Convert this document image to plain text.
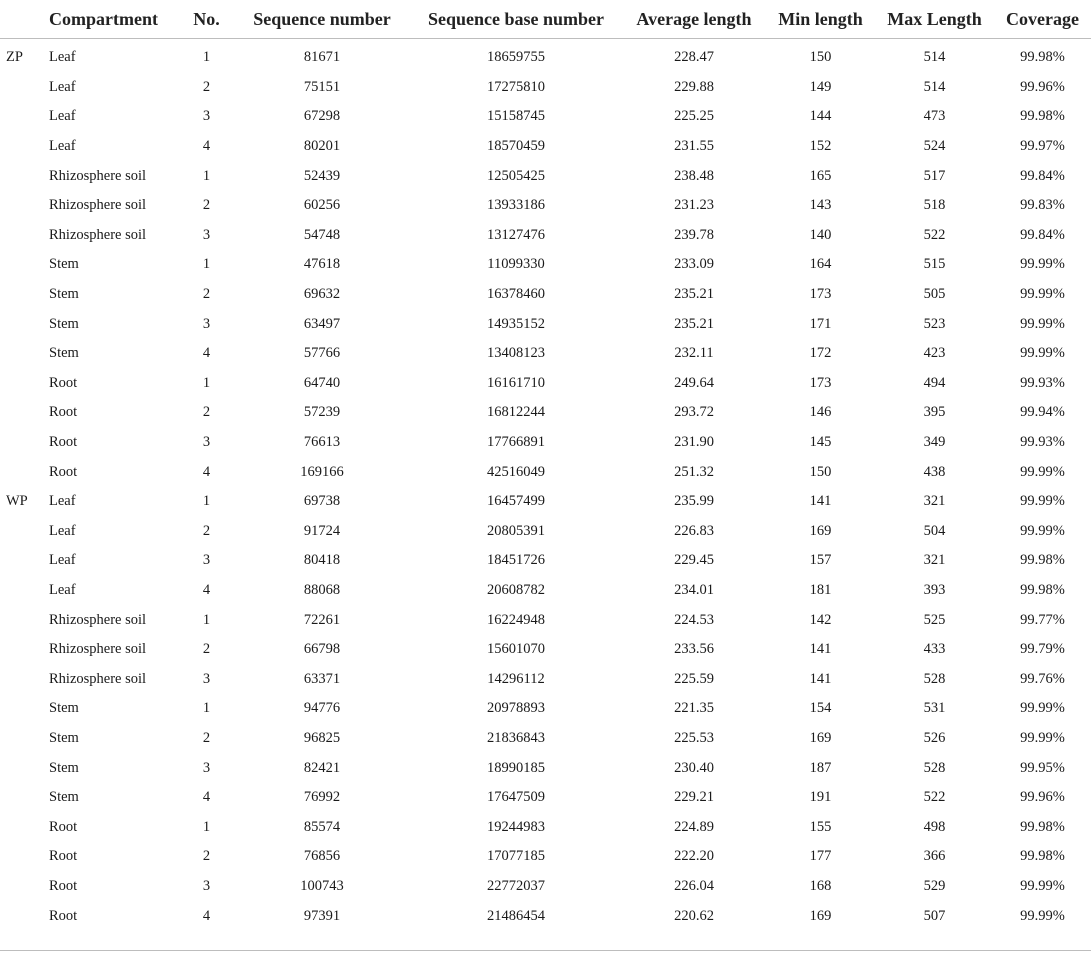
	Compartment	No.	Sequence number	Sequence base number	Average length	Min length	Max Length	Coverage
ZP	Leaf	1	81671	18659755	228.47	150	514	99.98%
	Leaf	2	75151	17275810	229.88	149	514	99.96%
	Leaf	3	67298	15158745	225.25	144	473	99.98%
	Leaf	4	80201	18570459	231.55	152	524	99.97%
	Rhizosphere soil	1	52439	12505425	238.48	165	517	99.84%
	Rhizosphere soil	2	60256	13933186	231.23	143	518	99.83%
	Rhizosphere soil	3	54748	13127476	239.78	140	522	99.84%
	Stem	1	47618	11099330	233.09	164	515	99.99%
	Stem	2	69632	16378460	235.21	173	505	99.99%
	Stem	3	63497	14935152	235.21	171	523	99.99%
	Stem	4	57766	13408123	232.11	172	423	99.99%
	Root	1	64740	16161710	249.64	173	494	99.93%
	Root	2	57239	16812244	293.72	146	395	99.94%
	Root	3	76613	17766891	231.90	145	349	99.93%
	Root	4	169166	42516049	251.32	150	438	99.99%
WP	Leaf	1	69738	16457499	235.99	141	321	99.99%
	Leaf	2	91724	20805391	226.83	169	504	99.99%
	Leaf	3	80418	18451726	229.45	157	321	99.98%
	Leaf	4	88068	20608782	234.01	181	393	99.98%
	Rhizosphere soil	1	72261	16224948	224.53	142	525	99.77%
	Rhizosphere soil	2	66798	15601070	233.56	141	433	99.79%
	Rhizosphere soil	3	63371	14296112	225.59	141	528	99.76%
	Stem	1	94776	20978893	221.35	154	531	99.99%
	Stem	2	96825	21836843	225.53	169	526	99.99%
	Stem	3	82421	18990185	230.40	187	528	99.95%
	Stem	4	76992	17647509	229.21	191	522	99.96%
	Root	1	85574	19244983	224.89	155	498	99.98%
	Root	2	76856	17077185	222.20	177	366	99.98%
	Root	3	100743	22772037	226.04	168	529	99.99%
	Root	4	97391	21486454	220.62	169	507	99.99%
